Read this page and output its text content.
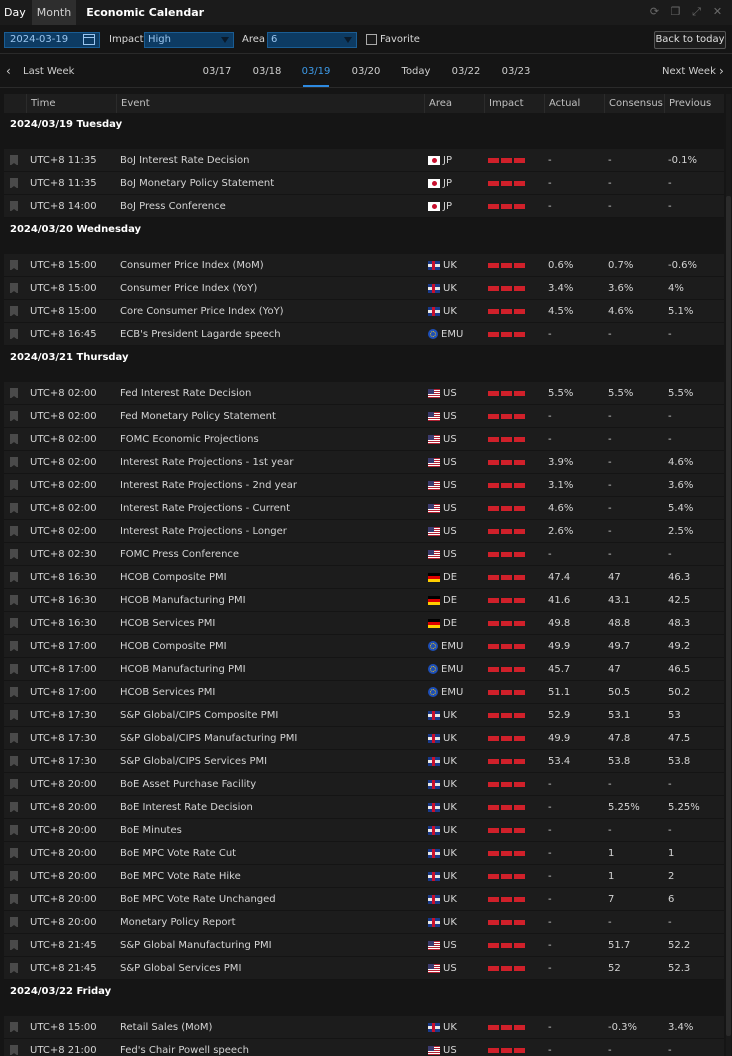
Day	Month	Economic Calendar	⟳ ❐ ⤢ ✕
2024-03-19	Impact High	Area 6	Favorite	Back to today
‹ Last Week	03/17	03/18	03/19	03/20	Today	03/22	03/23	Next Week ›
Time	Event	Area	Impact	Actual	Consensus Previous
2024/03/19 Tuesday
UTC+8 11:35	BoJ Interest Rate Decision	JP	-	-	-0.1%
UTC+8 11:35	BoJ Monetary Policy Statement	JP	-	-	-
UTC+8 14:00	BoJ Press Conference	JP	-	-	-
2024/03/20 Wednesday
UTC+8 15:00	Consumer Price Index (MoM)	UK	0.6%	0.7%	-0.6%
UTC+8 15:00	Consumer Price Index (YoY)	UK	3.4%	3.6%	4%
UTC+8 15:00	Core Consumer Price Index (YoY)	UK	4.5%	4.6%	5.1%
UTC+8 16:45	ECB's President Lagarde speech	EMU	-	-	-
2024/03/21 Thursday
UTC+8 02:00	Fed Interest Rate Decision	US	5.5%	5.5%	5.5%
UTC+8 02:00	Fed Monetary Policy Statement	US	-	-	-
UTC+8 02:00	FOMC Economic Projections	US	-	-	-
UTC+8 02:00	Interest Rate Projections - 1st year	US	3.9%	-	4.6%
UTC+8 02:00	Interest Rate Projections - 2nd year	US	3.1%	-	3.6%
UTC+8 02:00	Interest Rate Projections - Current	US	4.6%	-	5.4%
UTC+8 02:00	Interest Rate Projections - Longer	US	2.6%	-	2.5%
UTC+8 02:30	FOMC Press Conference	US	-	-	-
UTC+8 16:30	HCOB Composite PMI	DE	47.4	47	46.3
UTC+8 16:30	HCOB Manufacturing PMI	DE	41.6	43.1	42.5
UTC+8 16:30	HCOB Services PMI	DE	49.8	48.8	48.3
UTC+8 17:00	HCOB Composite PMI	EMU	49.9	49.7	49.2
UTC+8 17:00	HCOB Manufacturing PMI	EMU	45.7	47	46.5
UTC+8 17:00	HCOB Services PMI	EMU	51.1	50.5	50.2
UTC+8 17:30	S&P Global/CIPS Composite PMI	UK	52.9	53.1	53
UTC+8 17:30	S&P Global/CIPS Manufacturing PMI	UK	49.9	47.8	47.5
UTC+8 17:30	S&P Global/CIPS Services PMI	UK	53.4	53.8	53.8
UTC+8 20:00	BoE Asset Purchase Facility	UK	-	-	-
UTC+8 20:00	BoE Interest Rate Decision	UK	-	5.25%	5.25%
UTC+8 20:00	BoE Minutes	UK	-	-	-
UTC+8 20:00	BoE MPC Vote Rate Cut	UK	-	1	1
UTC+8 20:00	BoE MPC Vote Rate Hike	UK	-	1	2
UTC+8 20:00	BoE MPC Vote Rate Unchanged	UK	-	7	6
UTC+8 20:00	Monetary Policy Report	UK	-	-	-
UTC+8 21:45	S&P Global Manufacturing PMI	US	-	51.7	52.2
UTC+8 21:45	S&P Global Services PMI	US	-	52	52.3
2024/03/22 Friday
UTC+8 15:00	Retail Sales (MoM)	UK	-	-0.3%	3.4%
UTC+8 21:00	Fed's Chair Powell speech	US	-	-	-
